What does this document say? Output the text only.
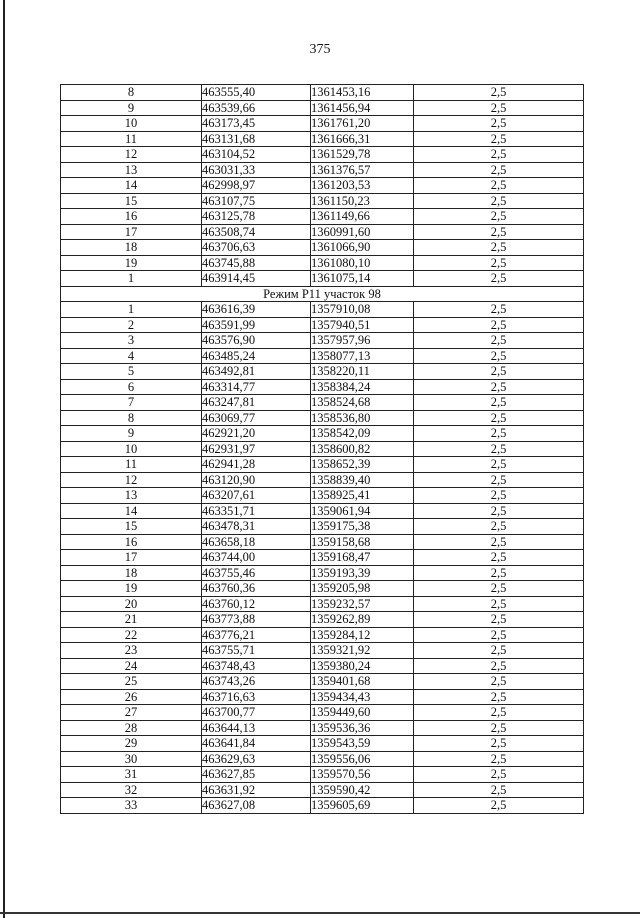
375
8	463555,40	1361453,16	2,5
9	463539,66	1361456,94	2,5
10	463173,45	1361761,20	2,5
11	463131,68	1361666,31	2,5
12	463104,52	1361529,78	2,5
13	463031,33	1361376,57	2,5
14	462998,97	1361203,53	2,5
15	463107,75	1361150,23	2,5
16	463125,78	1361149,66	2,5
17	463508,74	1360991,60	2,5
18	463706,63	1361066,90	2,5
19	463745,88	1361080,10	2,5
1	463914,45	1361075,14	2,5
Режим Р11 участок 98			
1	463616,39	1357910,08	2,5
2	463591,99	1357940,51	2,5
3	463576,90	1357957,96	2,5
4	463485,24	1358077,13	2,5
5	463492,81	1358220,11	2,5
6	463314,77	1358384,24	2,5
7	463247,81	1358524,68	2,5
8	463069,77	1358536,80	2,5
9	462921,20	1358542,09	2,5
10	462931,97	1358600,82	2,5
11	462941,28	1358652,39	2,5
12	463120,90	1358839,40	2,5
13	463207,61	1358925,41	2,5
14	463351,71	1359061,94	2,5
15	463478,31	1359175,38	2,5
16	463658,18	1359158,68	2,5
17	463744,00	1359168,47	2,5
18	463755,46	1359193,39	2,5
19	463760,36	1359205,98	2,5
20	463760,12	1359232,57	2,5
21	463773,88	1359262,89	2,5
22	463776,21	1359284,12	2,5
23	463755,71	1359321,92	2,5
24	463748,43	1359380,24	2,5
25	463743,26	1359401,68	2,5
26	463716,63	1359434,43	2,5
27	463700,77	1359449,60	2,5
28	463644,13	1359536,36	2,5
29	463641,84	1359543,59	2,5
30	463629,63	1359556,06	2,5
31	463627,85	1359570,56	2,5
32	463631,92	1359590,42	2,5
33	463627,08	1359605,69	2,5
